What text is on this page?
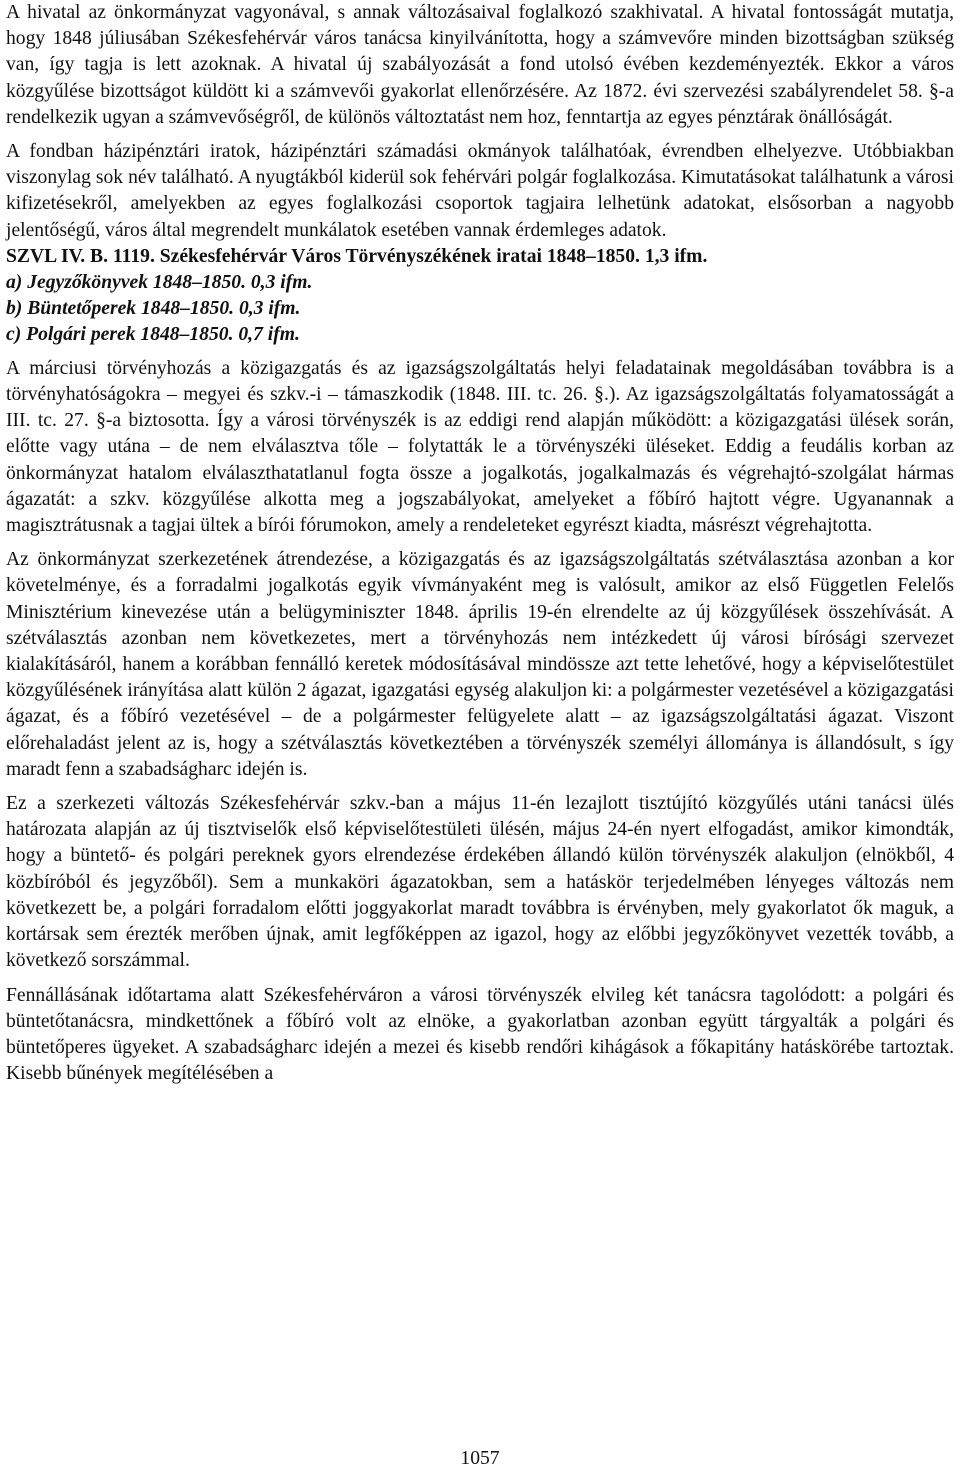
A hivatal az önkormányzat vagyonával, s annak változásaival foglalkozó szakhivatal. A hivatal fontosságát mutatja, hogy 1848 júliusában Székesfehérvár város tanácsa kinyilvánította, hogy a számvevőre minden bizottságban szükség van, így tagja is lett azoknak. A hivatal új szabályozását a fond utolsó évében kezdeményezték. Ekkor a város közgyűlése bizottságot küldött ki a számvevői gyakorlat ellenőrzésére. Az 1872. évi szervezési szabályrendelet 58. §-a rendelkezik ugyan a számvevőségről, de különös változtatást nem hoz, fenntartja az egyes pénztárak önállóságát.

A fondban házipénztári iratok, házipénztári számadási okmányok találhatóak, évrendben elhelyezve. Utóbbiakban viszonylag sok név található. A nyugtákból kiderül sok fehérvári polgár foglalkozása. Kimutatásokat találhatunk a városi kifizetésekről, amelyekben az egyes foglalkozási csoportok tagjaira lelhetünk adatokat, elsősorban a nagyobb jelentőségű, város által megrendelt munkálatok esetében vannak érdemleges adatok.

SZVL IV. B. 1119. Székesfehérvár Város Törvényszékének iratai 1848–1850. 1,3 ifm.

a) Jegyzőkönyvek 1848–1850. 0,3 ifm.

b) Büntetőperek 1848–1850. 0,3 ifm.

c) Polgári perek 1848–1850. 0,7 ifm.

A márciusi törvényhozás a közigazgatás és az igazságszolgáltatás helyi feladatainak megoldásában továbbra is a törvényhatóságokra – megyei és szkv.-i – támaszkodik (1848. III. tc. 26. §.). Az igazságszolgáltatás folyamatosságát a III. tc. 27. §-a biztosotta. Így a városi törvényszék is az eddigi rend alapján működött: a közigazgatási ülések során, előtte vagy utána – de nem elválasztva tőle – folytatták le a törvényszéki üléseket. Eddig a feudális korban az önkormányzat hatalom elválaszthatatlanul fogta össze a jogalkotás, jogalkalmazás és végrehajtó-szolgálat hármas ágazatát: a szkv. közgyűlése alkotta meg a jogszabályokat, amelyeket a főbíró hajtott végre. Ugyanannak a magisztrátusnak a tagjai ültek a bírói fórumokon, amely a rendeleteket egyrészt kiadta, másrészt végrehajtotta.

Az önkormányzat szerkezetének átrendezése, a közigazgatás és az igazságszolgáltatás szétválasztása azonban a kor követelménye, és a forradalmi jogalkotás egyik vívmányaként meg is valósult, amikor az első Független Felelős Minisztérium kinevezése után a belügyminiszter 1848. április 19-én elrendelte az új közgyűlések összehívását. A szétválasztás azonban nem következetes, mert a törvényhozás nem intézkedett új városi bírósági szervezet kialakításáról, hanem a korábban fennálló keretek módosításával mindössze azt tette lehetővé, hogy a képviselőtestület közgyűlésének irányítása alatt külön 2 ágazat, igazgatási egység alakuljon ki: a polgármester vezetésével a közigazgatási ágazat, és a főbíró vezetésével – de a polgármester felügyelete alatt – az igazságszolgáltatási ágazat. Viszont előrehaladást jelent az is, hogy a szétválasztás következtében a törvényszék személyi állománya is állandósult, s így maradt fenn a szabadságharc idején is.

Ez a szerkezeti változás Székesfehérvár szkv.-ban a május 11-én lezajlott tisztújító közgyűlés utáni tanácsi ülés határozata alapján az új tisztviselők első képviselőtestületi ülésén, május 24-én nyert elfogadást, amikor kimondták, hogy a büntető- és polgári pereknek gyors elrendezése érdekében állandó külön törvényszék alakuljon (elnökből, 4 közbíróból és jegyzőből). Sem a munkaköri ágazatokban, sem a hatáskör terjedelmében lényeges változás nem következett be, a polgári forradalom előtti joggyakorlat maradt továbbra is érvényben, mely gyakorlatot ők maguk, a kortársak sem érezték merőben újnak, amit legfőképpen az igazol, hogy az előbbi jegyzőkönyvet vezették tovább, a következő sorszámmal.

Fennállásának időtartama alatt Székesfehérváron a városi törvényszék elvileg két tanácsra tagolódott: a polgári és büntetőtanácsra, mindkettőnek a főbíró volt az elnöke, a gyakorlatban azonban együtt tárgyalták a polgári és büntetőperes ügyeket. A szabadságharc idején a mezei és kisebb rendőri kihágások a főkapitány hatáskörébe tartoztak. Kisebb bűnények megítélésében a

1057
